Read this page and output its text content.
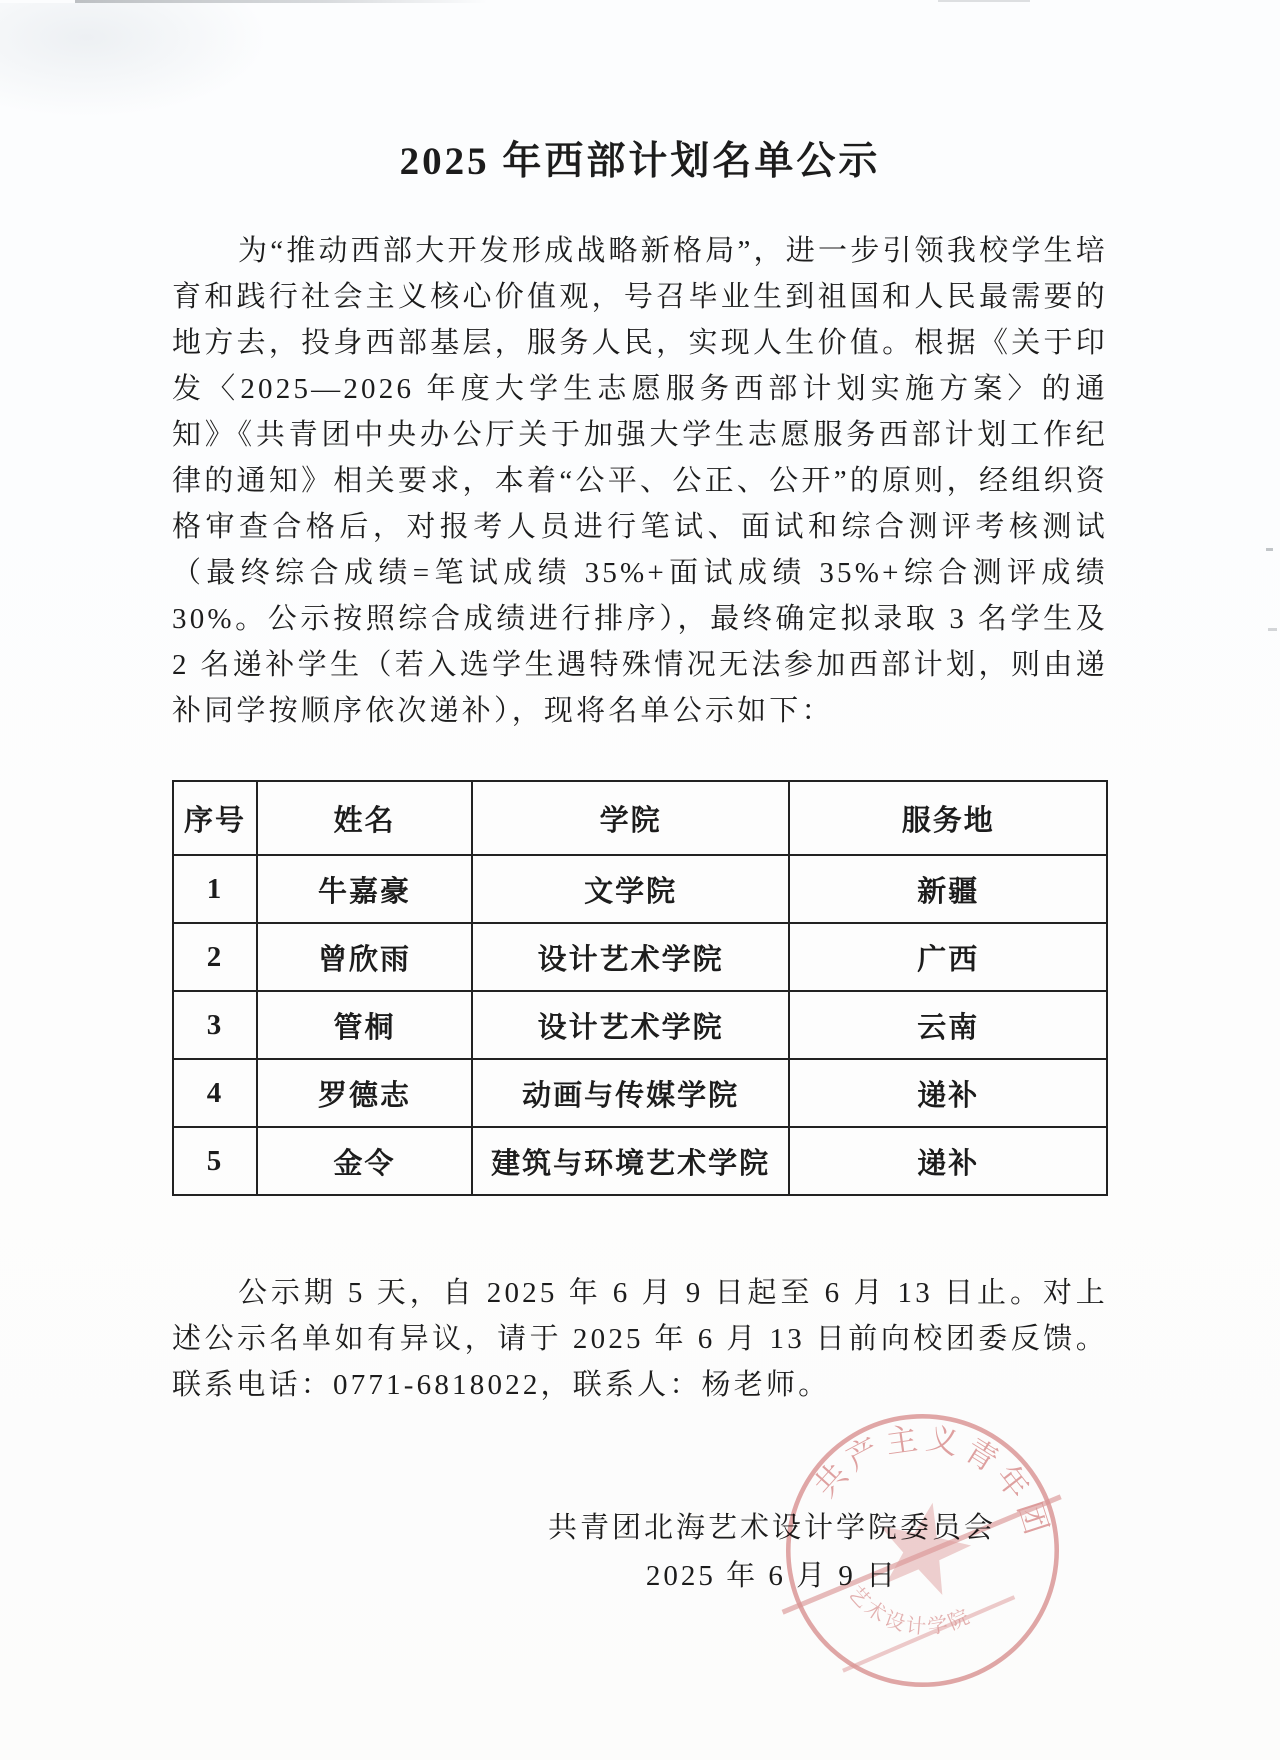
2025 年西部计划名单公示

为“推动西部大开发形成战略新格局”，进一步引领我校学生培育和践行社会主义核心价值观，号召毕业生到祖国和人民最需要的地方去，投身西部基层，服务人民，实现人生价值。根据《关于印发〈2025—2026 年度大学生志愿服务西部计划实施方案〉的通知》《共青团中央办公厅关于加强大学生志愿服务西部计划工作纪律的通知》相关要求，本着“公平、公正、公开”的原则，经组织资格审查合格后，对报考人员进行笔试、面试和综合测评考核测试（最终综合成绩=笔试成绩 35%+面试成绩 35%+综合测评成绩 30%。公示按照综合成绩进行排序），最终确定拟录取 3 名学生及 2 名递补学生（若入选学生遇特殊情况无法参加西部计划，则由递补同学按顺序依次递补），现将名单公示如下：

序号	姓名	学院	服务地
1	牛嘉豪	文学院	新疆
2	曾欣雨	设计艺术学院	广西
3	管桐	设计艺术学院	云南
4	罗德志	动画与传媒学院	递补
5	金令	建筑与环境艺术学院	递补

公示期 5 天，自 2025 年 6 月 9 日起至 6 月 13 日止。对上述公示名单如有异议，请于 2025 年 6 月 13 日前向校团委反馈。联系电话：0771-6818022，联系人：杨老师。

共青团北海艺术设计学院委员会
2025 年 6 月 9 日
共产主义青年团
艺术设计学院
